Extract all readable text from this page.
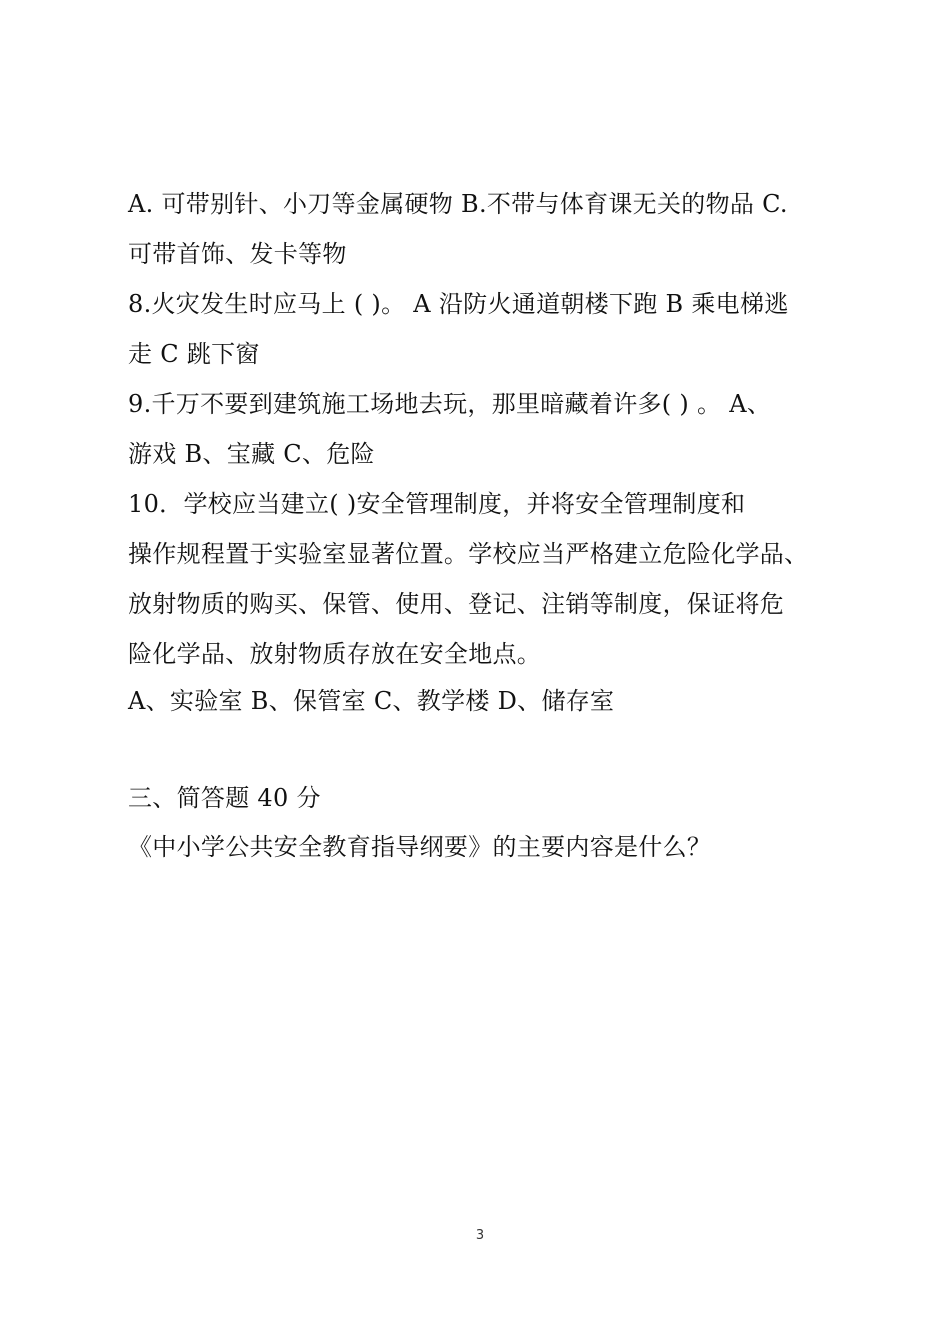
A. 可带别针、小刀等金属硬物 B.不带与体育课无关的物品 C.
可带首饰、发卡等物
8.火灾发生时应马上 ( )。 A 沿防火通道朝楼下跑 B 乘电梯逃
走 C 跳下窗
9.千万不要到建筑施工场地去玩，那里暗藏着许多( ) 。 A、
游戏 B、宝藏 C、危险
10．学校应当建立( )安全管理制度，并将安全管理制度和
操作规程置于实验室显著位置。学校应当严格建立危险化学品、
放射物质的购买、保管、使用、登记、注销等制度，保证将危
险化学品、放射物质存放在安全地点。
A、实验室 B、保管室 C、教学楼 D、储存室
三、简答题 40 分
《中小学公共安全教育指导纲要》的主要内容是什么？
3
